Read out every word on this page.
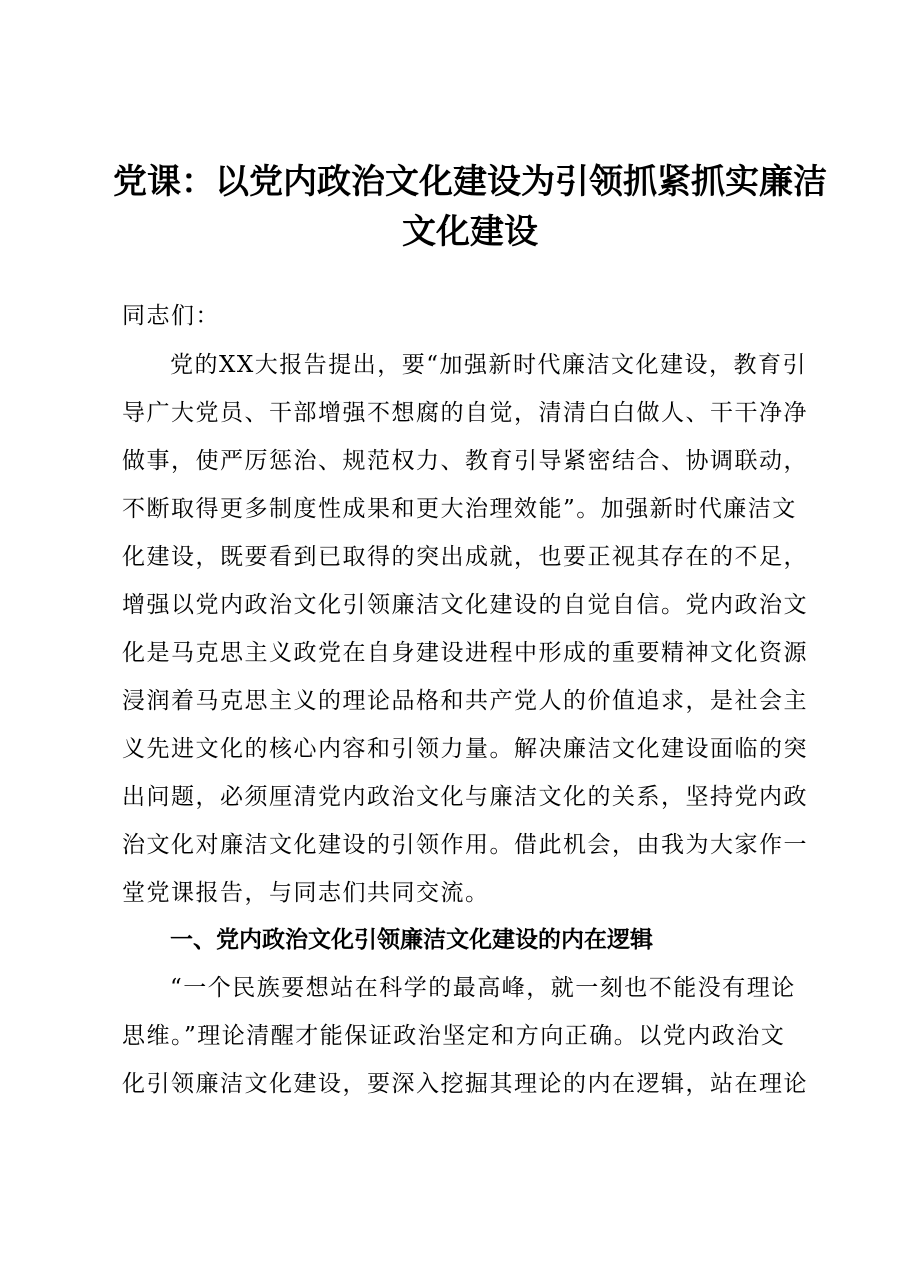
党课：以党内政治文化建设为引领抓紧抓实廉洁
文化建设

同志们：

党的XX大报告提出，要“加强新时代廉洁文化建设，教育引

导广大党员、干部增强不想腐的自觉，清清白白做人、干干净净

做事，使严厉惩治、规范权力、教育引导紧密结合、协调联动，

不断取得更多制度性成果和更大治理效能”。加强新时代廉洁文

化建设，既要看到已取得的突出成就，也要正视其存在的不足，

增强以党内政治文化引领廉洁文化建设的自觉自信。党内政治文

化是马克思主义政党在自身建设进程中形成的重要精神文化资源

浸润着马克思主义的理论品格和共产党人的价值追求，是社会主

义先进文化的核心内容和引领力量。解决廉洁文化建设面临的突

出问题，必须厘清党内政治文化与廉洁文化的关系，坚持党内政

治文化对廉洁文化建设的引领作用。借此机会，由我为大家作一

堂党课报告，与同志们共同交流。

一、党内政治文化引领廉洁文化建设的内在逻辑

“一个民族要想站在科学的最高峰，就一刻也不能没有理论

思维。”理论清醒才能保证政治坚定和方向正确。以党内政治文

化引领廉洁文化建设，要深入挖掘其理论的内在逻辑，站在理论
